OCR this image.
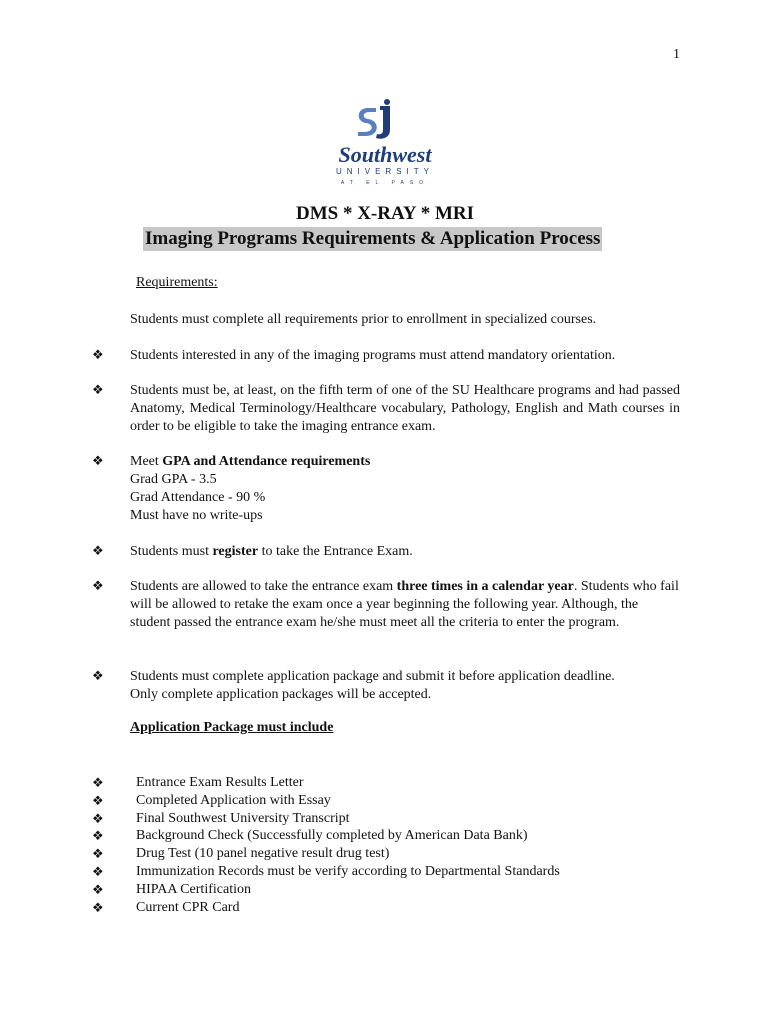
1
Southwest
UNIVERSITY
AT EL PASO
DMS * X-RAY * MRI
Imaging Programs Requirements & Application Process
Requirements:
Students must complete all requirements prior to enrollment in specialized courses.
❖ Students interested in any of the imaging programs must attend mandatory orientation.
❖ Students must be, at least, on the fifth term of one of the SU Healthcare programs and had passed Anatomy, Medical Terminology/Healthcare vocabulary, Pathology, English and Math courses in order to be eligible to take the imaging entrance exam.
❖ Meet GPA and Attendance requirements
Grad GPA - 3.5
Grad Attendance - 90 %
Must have no write-ups
❖ Students must register to take the Entrance Exam.
❖ Students are allowed to take the entrance exam three times in a calendar year. Students who fail will be allowed to retake the exam once a year beginning the following year. Although, the student passed the entrance exam he/she must meet all the criteria to enter the program.
❖ Students must complete application package and submit it before application deadline.
Only complete application packages will be accepted.
Application Package must include
❖
❖
❖
❖
❖
❖
❖
❖
Entrance Exam Results Letter
Completed Application with Essay
Final Southwest University Transcript
Background Check (Successfully completed by American Data Bank)
Drug Test (10 panel negative result drug test)
Immunization Records must be verify according to Departmental Standards
HIPAA Certification
Current CPR Card
